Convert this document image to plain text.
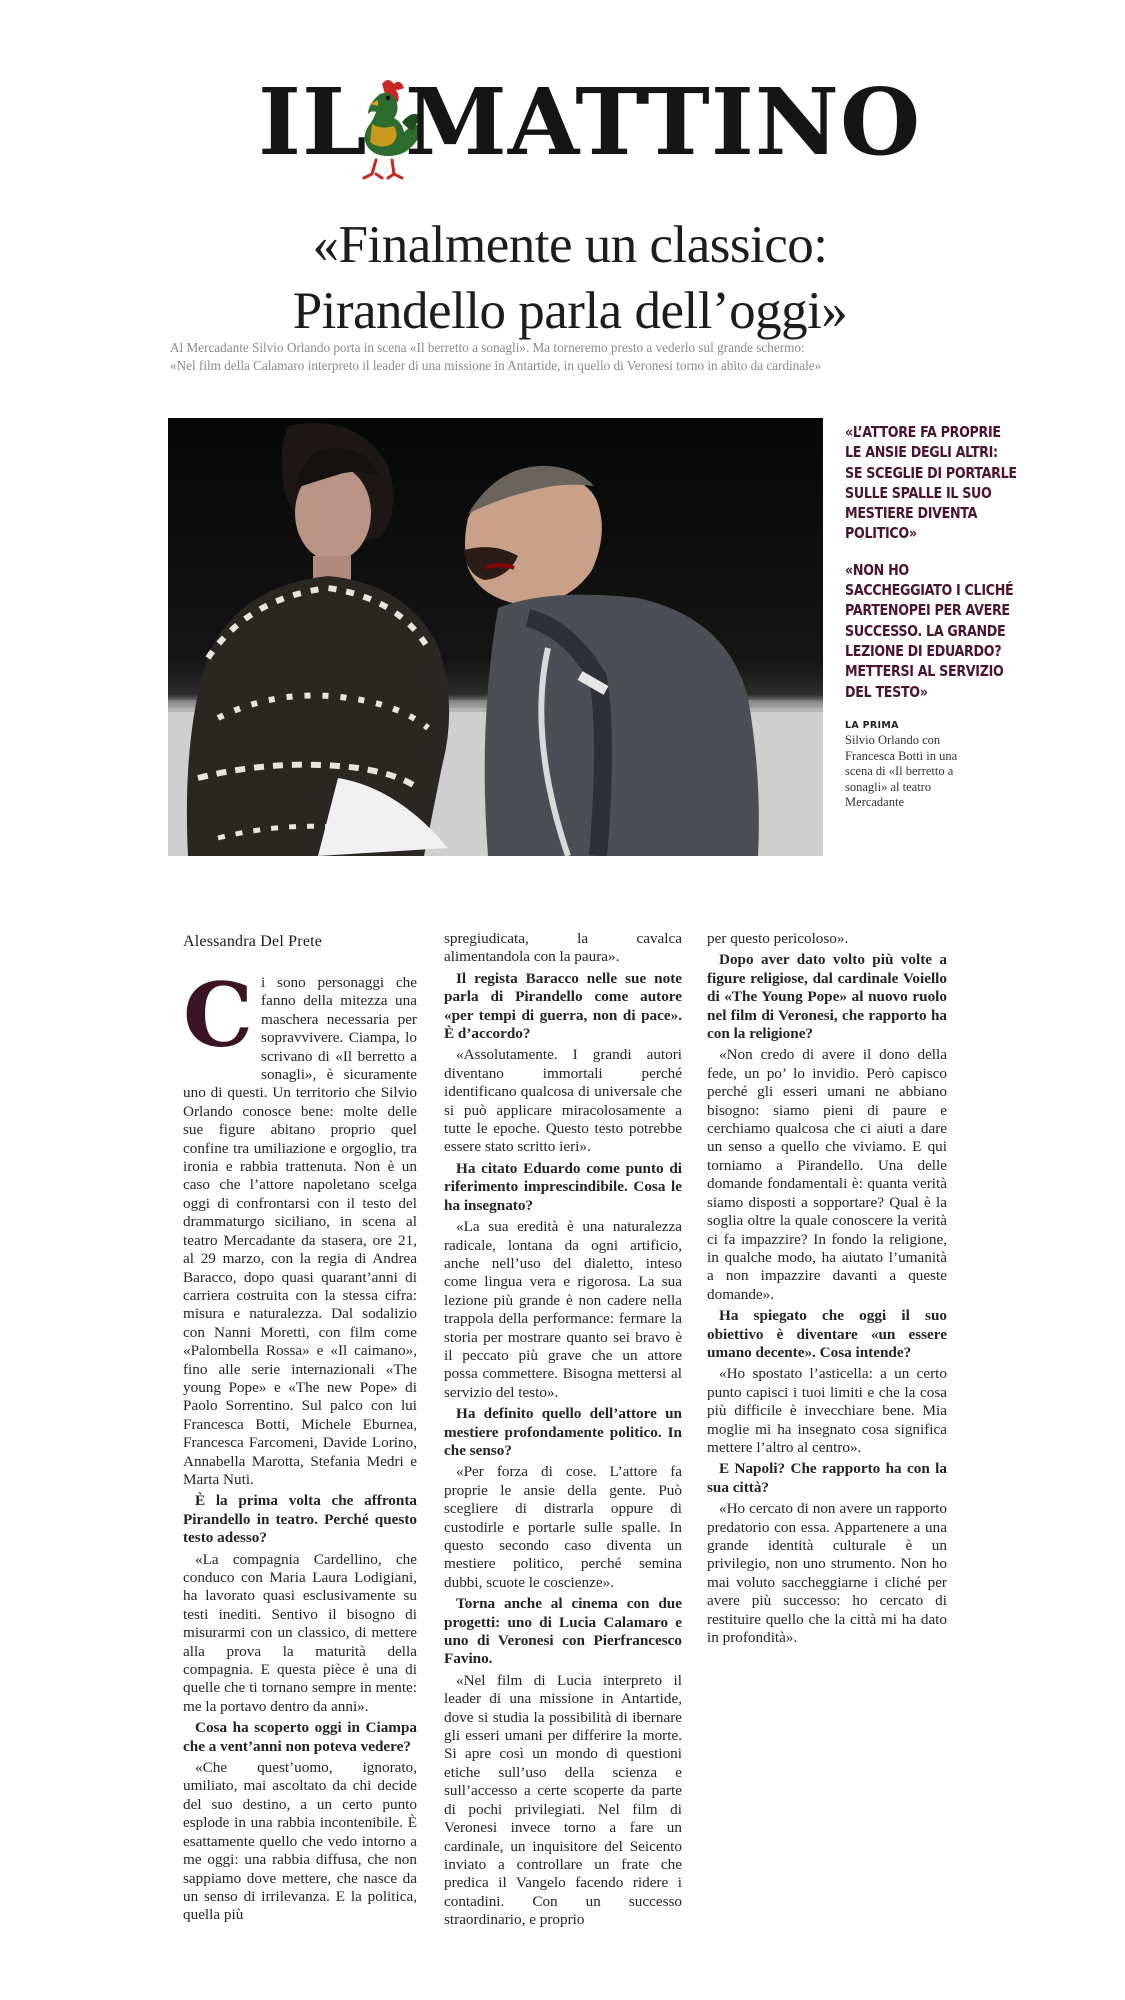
IL MATTINO
«Finalmente un classico:
Pirandello parla dell’oggi»
Al Mercadante Silvio Orlando porta in scena «Il berretto a sonagli». Ma torneremo presto a vederlo sul grande schermo:
«Nel film della Calamaro interpreto il leader di una missione in Antartide, in quello di Veronesi torno in abito da cardinale»

«L’ATTORE FA PROPRIE LE ANSIE DEGLI ALTRI: SE SCEGLIE DI PORTARLE SULLE SPALLE IL SUO MESTIERE DIVENTA POLITICO»

«NON HO SACCHEGGIATO I CLICHÉ PARTENOPEI PER AVERE SUCCESSO. LA GRANDE LEZIONE DI EDUARDO? METTERSI AL SERVIZIO DEL TESTO»

LA PRIMA
Silvio Orlando con Francesca Botti in una scena di «Il berretto a sonagli» al teatro Mercadante
Alessandra Del Prete
C i sono personaggi che fanno della mitezza una maschera necessaria per sopravvivere. Ciampa, lo scrivano di «Il berretto a sonagli», è sicuramente uno di questi. Un territorio che Silvio Orlando conosce bene: molte delle sue figure abitano proprio quel confine tra umiliazione e orgoglio, tra ironia e rabbia trattenuta. Non è un caso che l’attore napoletano scelga oggi di confrontarsi con il testo del drammaturgo siciliano, in scena al teatro Mercadante da stasera, ore 21, al 29 marzo, con la regia di Andrea Baracco, dopo quasi quarant’anni di carriera costruita con la stessa cifra: misura e naturalezza. Dal sodalizio con Nanni Moretti, con film come «Palombella Rossa» e «Il caimano», fino alle serie internazionali «The young Pope» e «The new Pope» di Paolo Sorrentino. Sul palco con lui Francesca Botti, Michele Eburnea, Francesca Farcomeni, Davide Lorino, Annabella Marotta, Stefania Medri e Marta Nuti.

È la prima volta che affronta Pirandello in teatro. Perché questo testo adesso?

«La compagnia Cardellino, che conduco con Maria Laura Lodigiani, ha lavorato quasi esclusivamente su testi inediti. Sentivo il bisogno di misurarmi con un classico, di mettere alla prova la maturità della compagnia. E questa pièce è una di quelle che ti tornano sempre in mente: me la portavo dentro da anni».

Cosa ha scoperto oggi in Ciampa che a vent’anni non poteva vedere?

«Che quest’uomo, ignorato, umiliato, mai ascoltato da chi decide del suo destino, a un certo punto esplode in una rabbia incontenibile. È esattamente quello che vedo intorno a me oggi: una rabbia diffusa, che non sappiamo dove mettere, che nasce da un senso di irrilevanza. E la politica, quella più

spregiudicata, la cavalca alimentandola con la paura».

Il regista Baracco nelle sue note parla di Pirandello come autore «per tempi di guerra, non di pace». È d’accordo?

«Assolutamente. I grandi autori diventano immortali perché identificano qualcosa di universale che si può applicare miracolosamente a tutte le epoche. Questo testo potrebbe essere stato scritto ieri».

Ha citato Eduardo come punto di riferimento imprescindibile. Cosa le ha insegnato?

«La sua eredità è una naturalezza radicale, lontana da ogni artificio, anche nell’uso del dialetto, inteso come lingua vera e rigorosa. La sua lezione più grande è non cadere nella trappola della performance: fermare la storia per mostrare quanto sei bravo è il peccato più grave che un attore possa commettere. Bisogna mettersi al servizio del testo».

Ha definito quello dell’attore un mestiere profondamente politico. In che senso?

«Per forza di cose. L’attore fa proprie le ansie della gente. Può scegliere di distrarla oppure di custodirle e portarle sulle spalle. In questo secondo caso diventa un mestiere politico, perché semina dubbi, scuote le coscienze».

Torna anche al cinema con due progetti: uno di Lucia Calamaro e uno di Veronesi con Pierfrancesco Favino.

«Nel film di Lucia interpreto il leader di una missione in Antartide, dove si studia la possibilità di ibernare gli esseri umani per differire la morte. Si apre così un mondo di questioni etiche sull’uso della scienza e sull’accesso a certe scoperte da parte di pochi privilegiati. Nel film di Veronesi invece torno a fare un cardinale, un inquisitore del Seicento inviato a controllare un frate che predica il Vangelo facendo ridere i contadini. Con un successo straordinario, e proprio

per questo pericoloso».

Dopo aver dato volto più volte a figure religiose, dal cardinale Voiello di «The Young Pope» al nuovo ruolo nel film di Veronesi, che rapporto ha con la religione?

«Non credo di avere il dono della fede, un po’ lo invidio. Però capisco perché gli esseri umani ne abbiano bisogno: siamo pieni di paure e cerchiamo qualcosa che ci aiuti a dare un senso a quello che viviamo. E qui torniamo a Pirandello. Una delle domande fondamentali è: quanta verità siamo disposti a sopportare? Qual è la soglia oltre la quale conoscere la verità ci fa impazzire? In fondo la religione, in qualche modo, ha aiutato l’umanità a non impazzire davanti a queste domande».

Ha spiegato che oggi il suo obiettivo è diventare «un essere umano decente». Cosa intende?

«Ho spostato l’asticella: a un certo punto capisci i tuoi limiti e che la cosa più difficile è invecchiare bene. Mia moglie mi ha insegnato cosa significa mettere l’altro al centro».

E Napoli? Che rapporto ha con la sua città?

«Ho cercato di non avere un rapporto predatorio con essa. Appartenere a una grande identità culturale è un privilegio, non uno strumento. Non ho mai voluto saccheggiarne i cliché per avere più successo: ho cercato di restituire quello che la città mi ha dato in profondità».
